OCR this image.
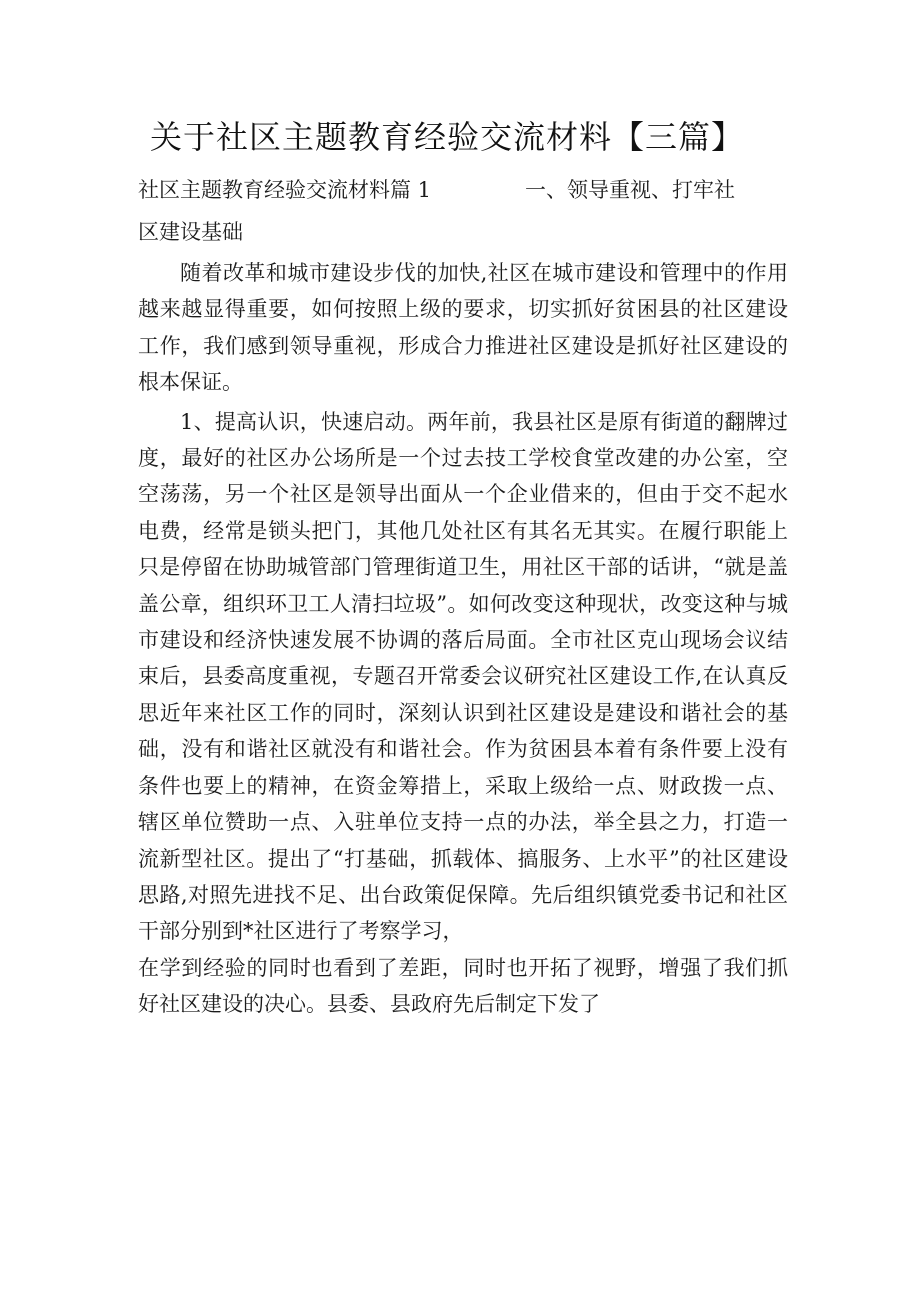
关于社区主题教育经验交流材料【三篇】
社区主题教育经验交流材料篇 1	一、领导重视、打牢社
区建设基础

随着改革和城市建设步伐的加快,社区在城市建设和管理中的作用越来越显得重要，如何按照上级的要求，切实抓好贫困县的社区建设工作，我们感到领导重视，形成合力推进社区建设是抓好社区建设的根本保证。

1、提高认识，快速启动。两年前，我县社区是原有街道的翻牌过度，最好的社区办公场所是一个过去技工学校食堂改建的办公室，空空荡荡，另一个社区是领导出面从一个企业借来的，但由于交不起水电费，经常是锁头把门，其他几处社区有其名无其实。在履行职能上只是停留在协助城管部门管理街道卫生，用社区干部的话讲，“就是盖盖公章，组织环卫工人清扫垃圾”。如何改变这种现状，改变这种与城市建设和经济快速发展不协调的落后局面。全市社区克山现场会议结束后，县委高度重视，专题召开常委会议研究社区建设工作,在认真反思近年来社区工作的同时，深刻认识到社区建设是建设和谐社会的基础，没有和谐社区就没有和谐社会。作为贫困县本着有条件要上没有条件也要上的精神，在资金筹措上，采取上级给一点、财政拨一点、辖区单位赞助一点、入驻单位支持一点的办法，举全县之力，打造一流新型社区。提出了“打基础，抓载体、搞服务、上水平”的社区建设思路,对照先进找不足、出台政策促保障。先后组织镇党委书记和社区干部分别到*社区进行了考察学习，

在学到经验的同时也看到了差距，同时也开拓了视野，增强了我们抓好社区建设的决心。县委、县政府先后制定下发了
